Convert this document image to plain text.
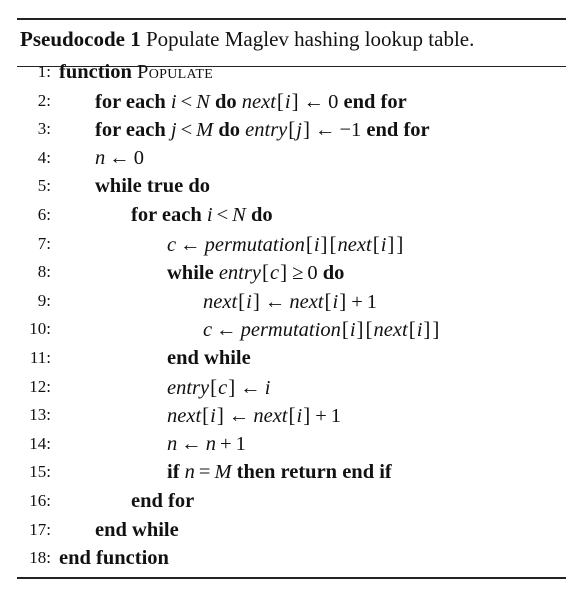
Pseudocode 1 Populate Maglev hashing lookup table.
1: function Populate
2: for each i < N do next[i] ← 0 end for
3: for each j < M do entry[j] ← −1 end for
4: n ← 0
5: while true do
6:	for each i < N do
7:	c ← permutation[i][next[i]]
8:	while entry[c] ≥ 0 do
9:	next[i] ← next[i] + 1
10:	c ← permutation[i][next[i]]
11:	end while
12:	entry[c] ← i
13:	next[i] ← next[i] + 1
14:	n ← n + 1
15:	if n = M then return end if
16:	end for
17: end while
18: end function
